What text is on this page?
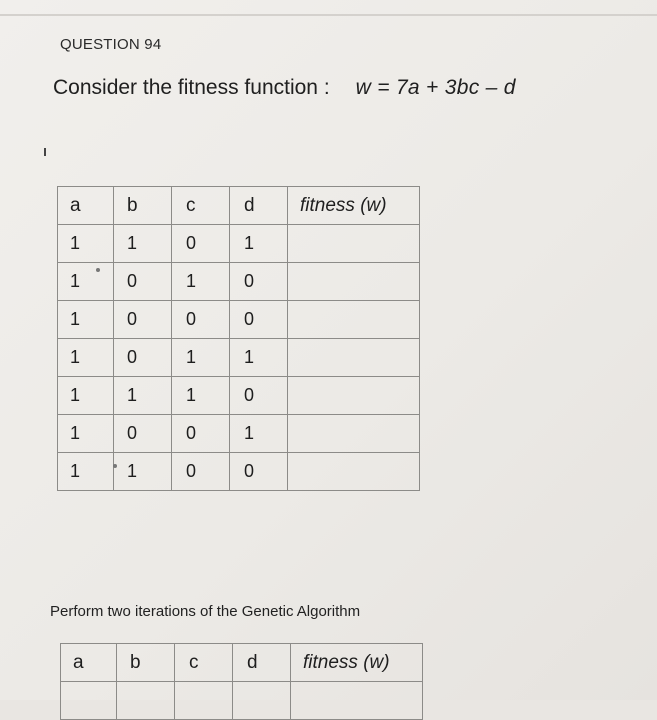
QUESTION 94
Consider the fitness function : w = 7a + 3bc – d
a	b	c	d	fitness (w)
1	1	0	1	
1	0	1	0	
1	0	0	0	
1	0	1	1	
1	1	1	0	
1	0	0	1	
1	1	0	0	
Perform two iterations of the Genetic Algorithm
a	b	c	d	fitness (w)
